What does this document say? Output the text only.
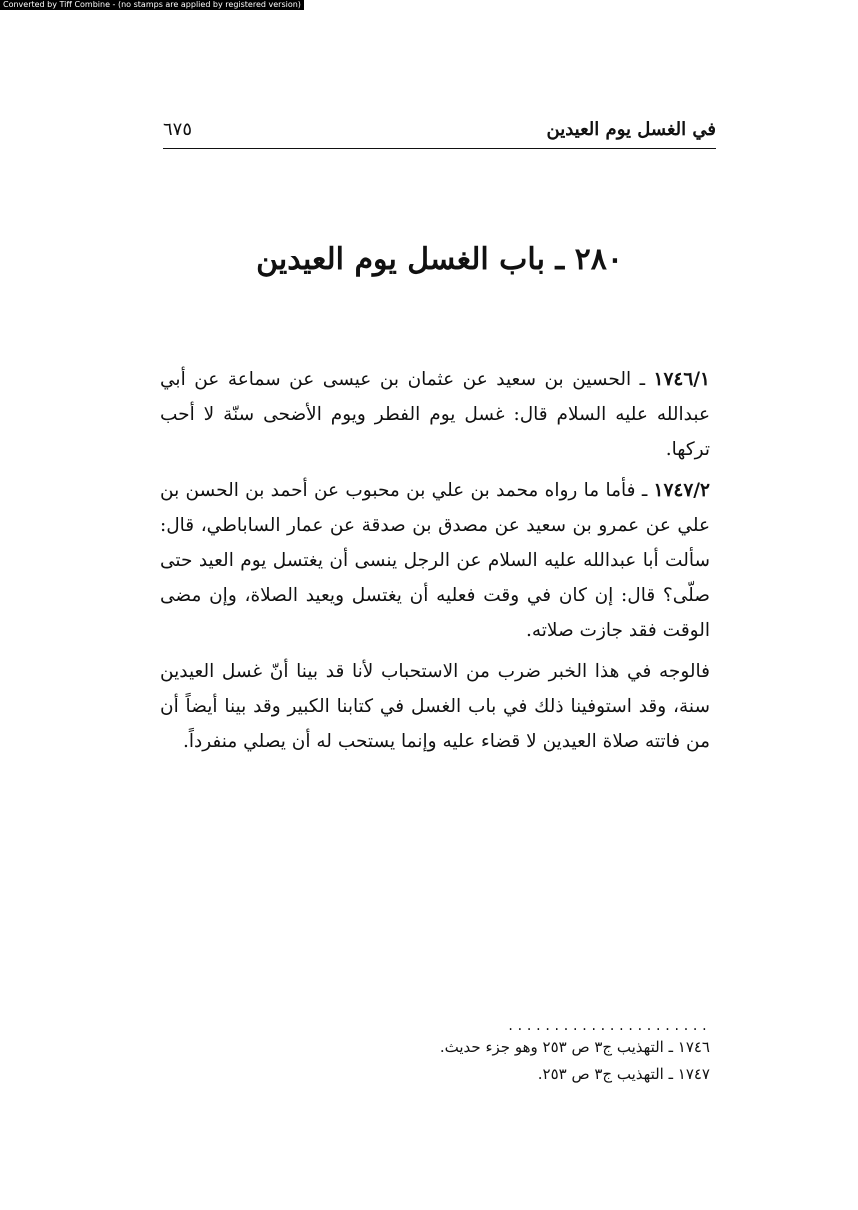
Converted by Tiff Combine - (no stamps are applied by registered version)
في الغسل يوم العيدين
٦٧٥
٢٨٠ ـ باب الغسل يوم العيدين

١٧٤٦/١ ـ الحسين بن سعيد عن عثمان بن عيسى عن سماعة عن أبي عبدالله عليه السلام قال: غسل يوم الفطر ويوم الأضحى سنّة لا أحب تركها.

١٧٤٧/٢ ـ فأما ما رواه محمد بن علي بن محبوب عن أحمد بن الحسن بن علي عن عمرو بن سعيد عن مصدق بن صدقة عن عمار الساباطي، قال: سألت أبا عبدالله عليه السلام عن الرجل ينسى أن يغتسل يوم العيد حتى صلّى؟ قال: إن كان في وقت فعليه أن يغتسل ويعيد الصلاة، وإن مضى الوقت فقد جازت صلاته.

فالوجه في هذا الخبر ضرب من الاستحباب لأنا قد بينا أنّ غسل العيدين سنة، وقد استوفينا ذلك في باب الغسل في كتابنا الكبير وقد بينا أيضاً أن من فاتته صلاة العيدين لا قضاء عليه وإنما يستحب له أن يصلي منفرداً.

......................
١٧٤٦ ـ التهذيب ج٣ ص ٢٥٣ وهو جزء حديث.
١٧٤٧ ـ التهذيب ج٣ ص ٢٥٣.
